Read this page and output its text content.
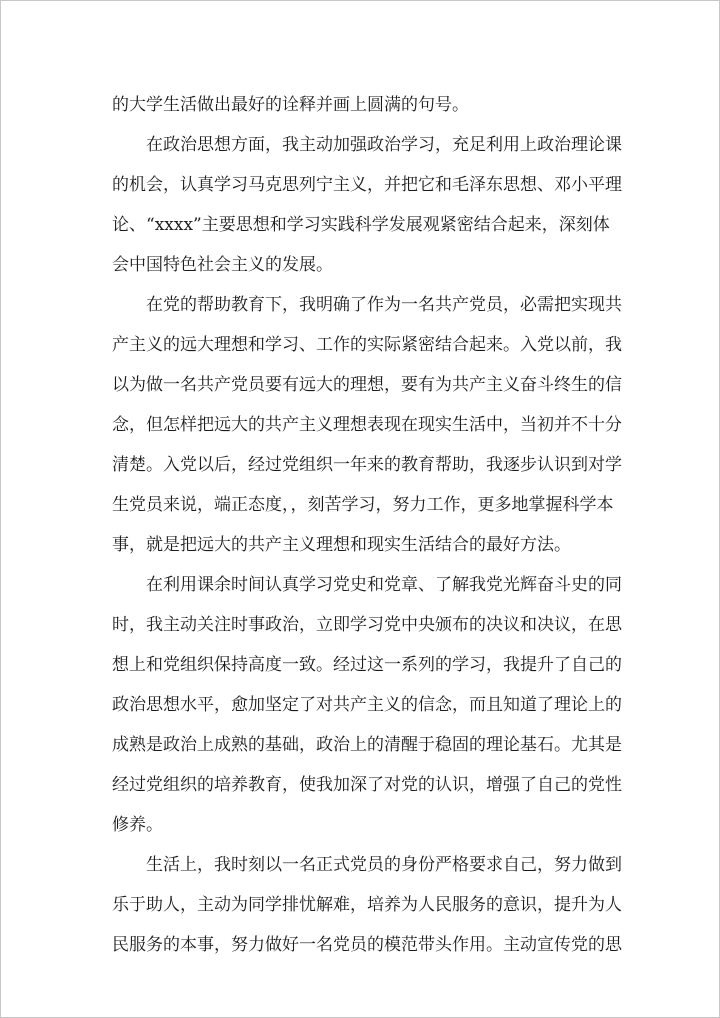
的大学生活做出最好的诠释并画上圆满的句号。
在政治思想方面，我主动加强政治学习，充足利用上政治理论课
的机会，认真学习马克思列宁主义，并把它和毛泽东思想、邓小平理
论、“xxxx”主要思想和学习实践科学发展观紧密结合起来，深刻体
会中国特色社会主义的发展。
在党的帮助教育下，我明确了作为一名共产党员，必需把实现共
产主义的远大理想和学习、工作的实际紧密结合起来。入党以前，我
以为做一名共产党员要有远大的理想，要有为共产主义奋斗终生的信
念，但怎样把远大的共产主义理想表现在现实生活中，当初并不十分
清楚。入党以后，经过党组织一年来的教育帮助，我逐步认识到对学
生党员来说，端正态度，，刻苦学习，努力工作，更多地掌握科学本
事，就是把远大的共产主义理想和现实生活结合的最好方法。
在利用课余时间认真学习党史和党章、了解我党光辉奋斗史的同
时，我主动关注时事政治，立即学习党中央颁布的决议和决议，在思
想上和党组织保持高度一致。经过这一系列的学习，我提升了自己的
政治思想水平，愈加坚定了对共产主义的信念，而且知道了理论上的
成熟是政治上成熟的基础，政治上的清醒于稳固的理论基石。尤其是
经过党组织的培养教育，使我加深了对党的认识，增强了自己的党性
修养。
生活上，我时刻以一名正式党员的身份严格要求自己，努力做到
乐于助人，主动为同学排忧解难，培养为人民服务的意识，提升为人
民服务的本事，努力做好一名党员的模范带头作用。主动宣传党的思
